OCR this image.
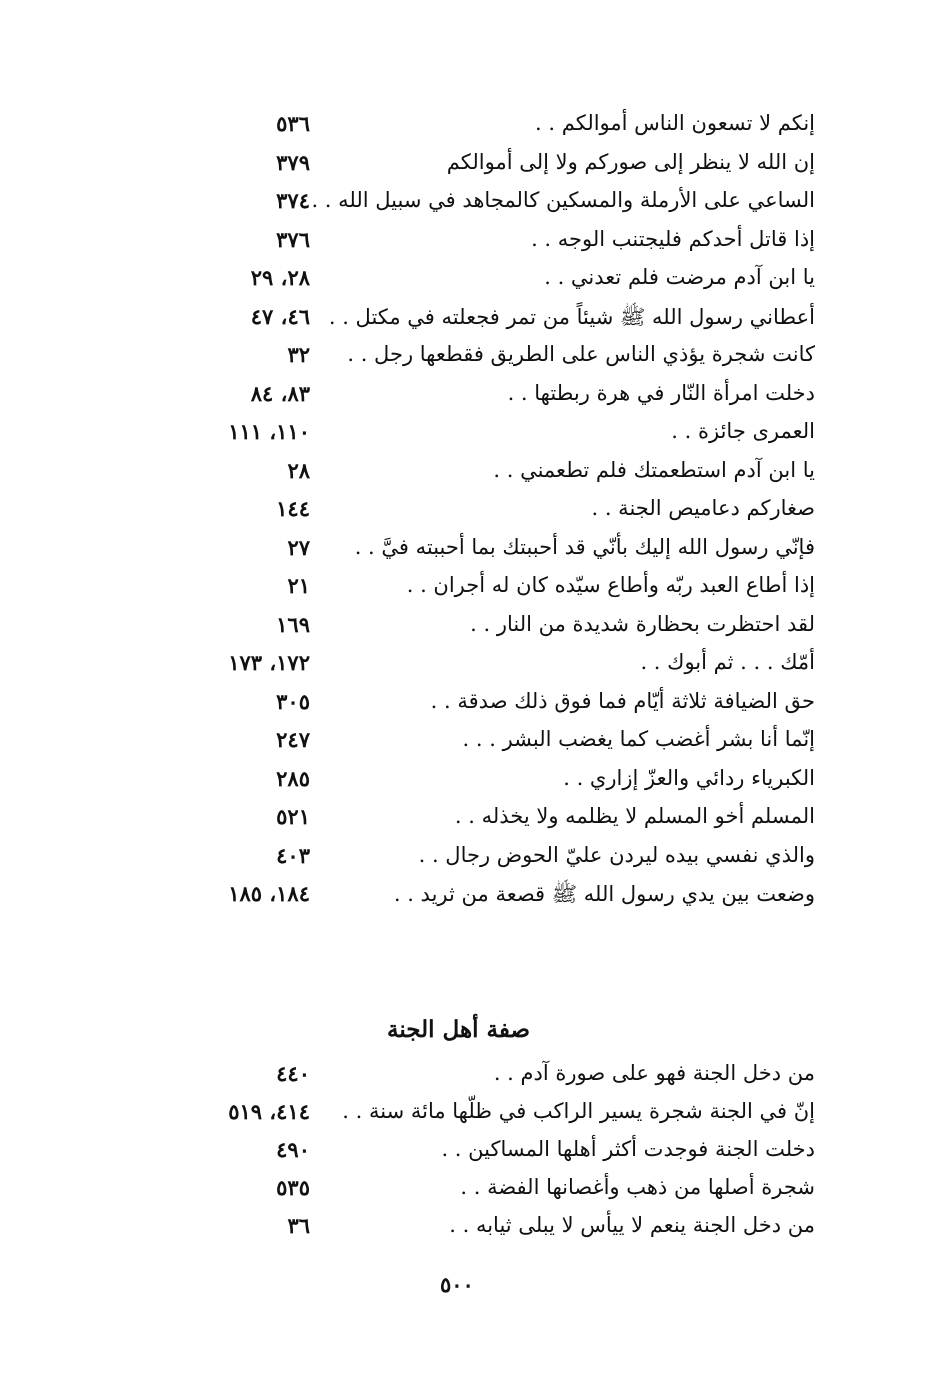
إنكم لا تسعون الناس أموالكم . .
٥٣٦
إن الله لا ينظر إلى صوركم ولا إلى أموالكم
٣٧٩
الساعي على الأرملة والمسكين كالمجاهد في سبيل الله . .
٣٧٤
إذا قاتل أحدكم فليجتنب الوجه . .
٣٧٦
يا ابن آدم مرضت فلم تعدني . .
٢٨، ٢٩
أعطاني رسول الله ﷺ شيئاً من تمر فجعلته في مكتل . .
٤٦، ٤٧
كانت شجرة يؤذي الناس على الطريق فقطعها رجل . .
٣٢
دخلت امرأة النّار في هرة ربطتها . .
٨٣، ٨٤
العمرى جائزة . .
١١٠، ١١١
يا ابن آدم استطعمتك فلم تطعمني . .
٢٨
صغاركم دعاميص الجنة . .
١٤٤
فإنّي رسول الله إليك بأنّي قد أحببتك بما أحببته فيَّ . .
٢٧
إذا أطاع العبد ربّه وأطاع سيّده كان له أجران . .
٢١
لقد احتظرت بحظارة شديدة من النار . .
١٦٩
أمّك . . . ثم أبوك . .
١٧٢، ١٧٣
حق الضيافة ثلاثة أيّام فما فوق ذلك صدقة . .
٣٠٥
إنّما أنا بشر أغضب كما يغضب البشر . . .
٢٤٧
الكبرياء ردائي والعزّ إزاري . .
٢٨٥
المسلم أخو المسلم لا يظلمه ولا يخذله . .
٥٢١
والذي نفسي بيده ليردن عليّ الحوض رجال . .
٤٠٣
وضعت بين يدي رسول الله ﷺ قصعة من ثريد . .
١٨٤، ١٨٥
صفة أهل الجنة
من دخل الجنة فهو على صورة آدم . .
٤٤٠
إنّ في الجنة شجرة يسير الراكب في ظلّها مائة سنة . .
٤١٤، ٥١٩
دخلت الجنة فوجدت أكثر أهلها المساكين . .
٤٩٠
شجرة أصلها من ذهب وأغصانها الفضة . .
٥٣٥
من دخل الجنة ينعم لا ييأس لا يبلى ثيابه . .
٣٦
٥٠٠
